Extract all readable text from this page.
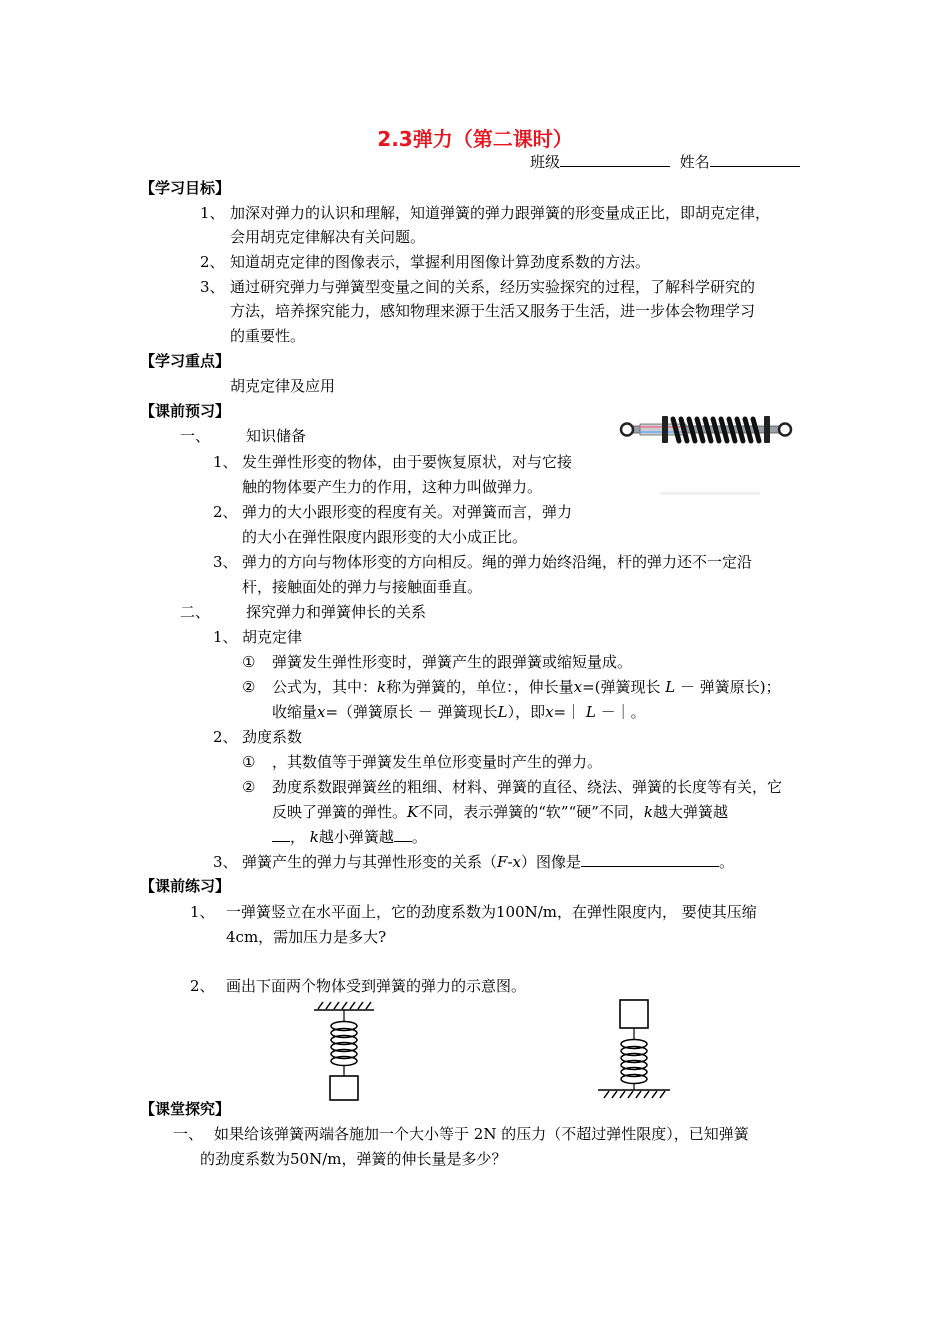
2.3弹力（第二课时）
班级	姓名
【学习目标】
1、 加深对弹力的认识和理解，知道弹簧的弹力跟弹簧的形变量成正比，即胡克定律，
会用胡克定律解决有关问题。
2、 知道胡克定律的图像表示，掌握利用图像计算劲度系数的方法。
3、 通过研究弹力与弹簧型变量之间的关系，经历实验探究的过程，了解科学研究的
方法，培养探究能力，感知物理来源于生活又服务于生活，进一步体会物理学习
的重要性。
【学习重点】
胡克定律及应用
【课前预习】
一、 知识储备
1、 发生弹性形变的物体，由于要恢复原状，对与它接
触的物体要产生力的作用，这种力叫做弹力。
2、 弹力的大小跟形变的程度有关。对弹簧而言，弹力
的大小在弹性限度内跟形变的大小成正比。
3、 弹力的方向与物体形变的方向相反。绳的弹力始终沿绳，杆的弹力还不一定沿
杆，接触面处的弹力与接触面垂直。
二、 探究弹力和弹簧伸长的关系
1、 胡克定律
① 弹簧发生弹性形变时，弹簧产生的跟弹簧或缩短量成。
② 公式为，其中：k称为弹簧的，单位：，伸长量x=(弹簧现长 L － 弹簧原长)；
收缩量x=（弹簧原长 － 弹簧现长L），即x=｜ L －｜。
2、 劲度系数
① ，其数值等于弹簧发生单位形变量时产生的弹力。
② 劲度系数跟弹簧丝的粗细、材料、弹簧的直径、绕法、弹簧的长度等有关，它
反映了弹簧的弹性。K不同，表示弹簧的“软”“硬”不同，k越大弹簧越
， k越小弹簧越 。
3、 弹簧产生的弹力与其弹性形变的关系（F-x）图像是	。
【课前练习】
1、 一弹簧竖立在水平面上，它的劲度系数为100N/m，在弹性限度内， 要使其压缩
4cm，需加压力是多大?
2、 画出下面两个物体受到弹簧的弹力的示意图。
【课堂探究】
一、 如果给该弹簧两端各施加一个大小等于 2N 的压力（不超过弹性限度），已知弹簧
的劲度系数为50N/m，弹簧的伸长量是多少？
